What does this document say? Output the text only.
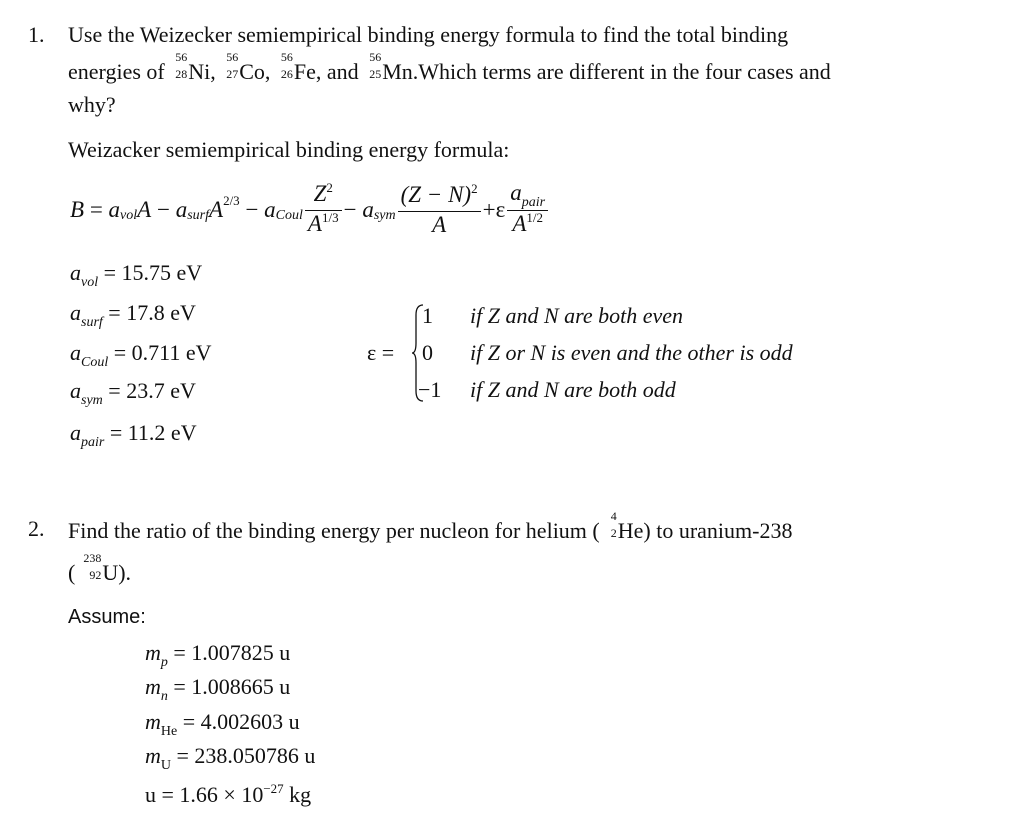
1. Use the Weizecker semiempirical binding energy formula to find the total binding
energies of
56
28 Ni,
56
27 Co,
56
26 Fe, and
56
25 Mn.Which terms are different in the four cases and
why?
Weizacker semiempirical binding energy formula:
B
=
a vol A
−
a surf A 2/3
−
a Coul $\frac{Z^2}{A^{1/3}}$ −
a sym $\frac{(Z - N)^2}{A} + \varepsilon \frac{a_{pair}}{A^{1/2}}$
$a_{vol} = 15.75$ eV
$a_{surf} = 17.8$ eV
$a_{Coul} = 0.711$ eV
$a_{sym} = 23.7$ eV
$a_{pair} = 11.2$ eV
ε =
1 if Z and N are both even
0 if Z or N is even and the other is odd
−1 if Z and N are both odd
2. Find the ratio of the binding energy per nucleon for helium (
4
2 He) to uranium-238
(
238
92 U).
Assume:
$m_p = 1.007825$ u
$m_n = 1.008665$ u
$m_{He} = 4.002603$ u
$m_U = 238.050786$ u
$u = 1.66 \times 10^{-27}$ kg
